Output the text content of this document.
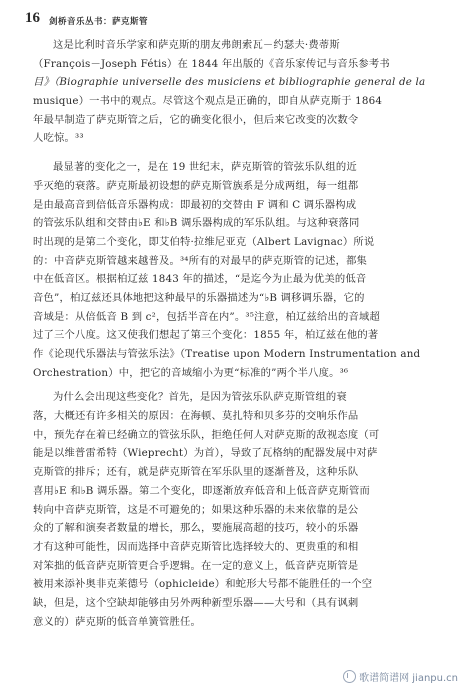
16 剑桥音乐丛书：萨克斯管
这是比利时音乐学家和萨克斯的朋友弗朗索瓦－约瑟夫·费蒂斯
（François－Joseph Fétis）在 1844 年出版的《音乐家传记与音乐参考书
目》（Biographie universelle des musiciens et bibliographie general de la
musique）一书中的观点。尽管这个观点是正确的，即自从萨克斯于 1864
年最早制造了萨克斯管之后，它的确变化很小，但后来它改变的次数令
人吃惊。³³
最显著的变化之一，是在 19 世纪末，萨克斯管的管弦乐队组的近
乎灭绝的衰落。萨克斯最初设想的萨克斯管族系是分成两组，每一组都
是由最高音到倍低音乐器构成：即最初的交替由 F 调和 C 调乐器构成
的管弦乐队组和交替由♭E 和♭B 调乐器构成的军乐队组。与这种衰落同
时出现的是第二个变化，即艾伯特·拉维尼亚克（Albert Lavignac）所说
的：中音萨克斯管越来越普及。³⁴所有的对最早的萨克斯管的记述，都集
中在低音区。根据柏辽兹 1843 年的描述，“是迄今为止最为优美的低音
音色”，柏辽兹还具体地把这种最早的乐器描述为“♭B 调移调乐器，它的
音域是：从倍低音 B 到 c²，包括半音在内”。³⁵注意，柏辽兹给出的音域超
过了三个八度。这又使我们想起了第三个变化：1855 年，柏辽兹在他的著
作《论现代乐器法与管弦乐法》（Treatise upon Modern Instrumentation and
Orchestration）中，把它的音域缩小为更“标准的”两个半八度。³⁶
为什么会出现这些变化？首先，是因为管弦乐队萨克斯管组的衰
落，大概还有许多相关的原因：在海顿、莫扎特和贝多芬的交响乐作品
中，预先存在着已经确立的管弦乐队，拒绝任何人对萨克斯的敌视态度（可
能是以维普雷希特（Wieprecht）为首），导致了瓦格纳的配器发展中对萨
克斯管的排斥；还有，就是萨克斯管在军乐队里的逐渐普及，这种乐队
喜用♭E 和♭B 调乐器。第二个变化，即逐渐放弃低音和上低音萨克斯管而
转向中音萨克斯管，这是不可避免的；如果这种乐器的未来依靠的是公
众的了解和演奏者数量的增长，那么，要施展高超的技巧，较小的乐器
才有这种可能性，因而选择中音萨克斯管比选择较大的、更贵重的和相
对笨拙的低音萨克斯管更合乎逻辑。在一定的意义上，低音萨克斯管是
被用来添补奥非克莱德号（ophicleide）和蛇形大号都不能胜任的一个空
缺，但是，这个空缺却能够由另外两种新型乐器——大号和（具有讽刺
意义的）萨克斯的低音单簧管胜任。
歌谱简谱网 jianpu.cn
